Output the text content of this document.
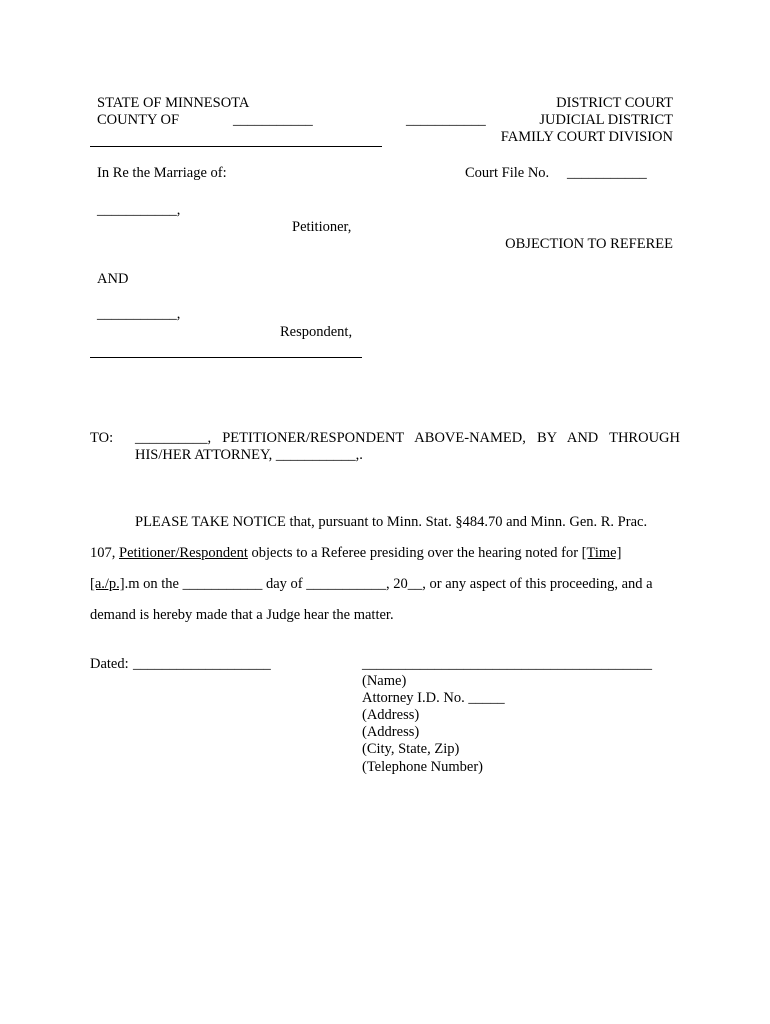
STATE OF MINNESOTA
COUNTY OF	___________
DISTRICT COURT
___________	JUDICIAL DISTRICT
FAMILY COURT DIVISION
In Re the Marriage of:	Court File No. ___________
___________,
Petitioner,
OBJECTION TO REFEREE
AND
___________,
Respondent,
TO: __________, PETITIONER/RESPONDENT ABOVE-NAMED, BY AND THROUGH
HIS/HER ATTORNEY, ___________,.
PLEASE TAKE NOTICE that, pursuant to Minn. Stat. §484.70 and Minn. Gen. R. Prac.
107, Petitioner/Respondent objects to a Referee presiding over the hearing noted for [Time]
[a./p.].m on the ___________ day of ___________, 20__, or any aspect of this proceeding, and a
demand is hereby made that a Judge hear the matter.
Dated: ___________________	________________________________________
(Name)
Attorney I.D. No. _____
(Address)
(Address)
(City, State, Zip)
(Telephone Number)
